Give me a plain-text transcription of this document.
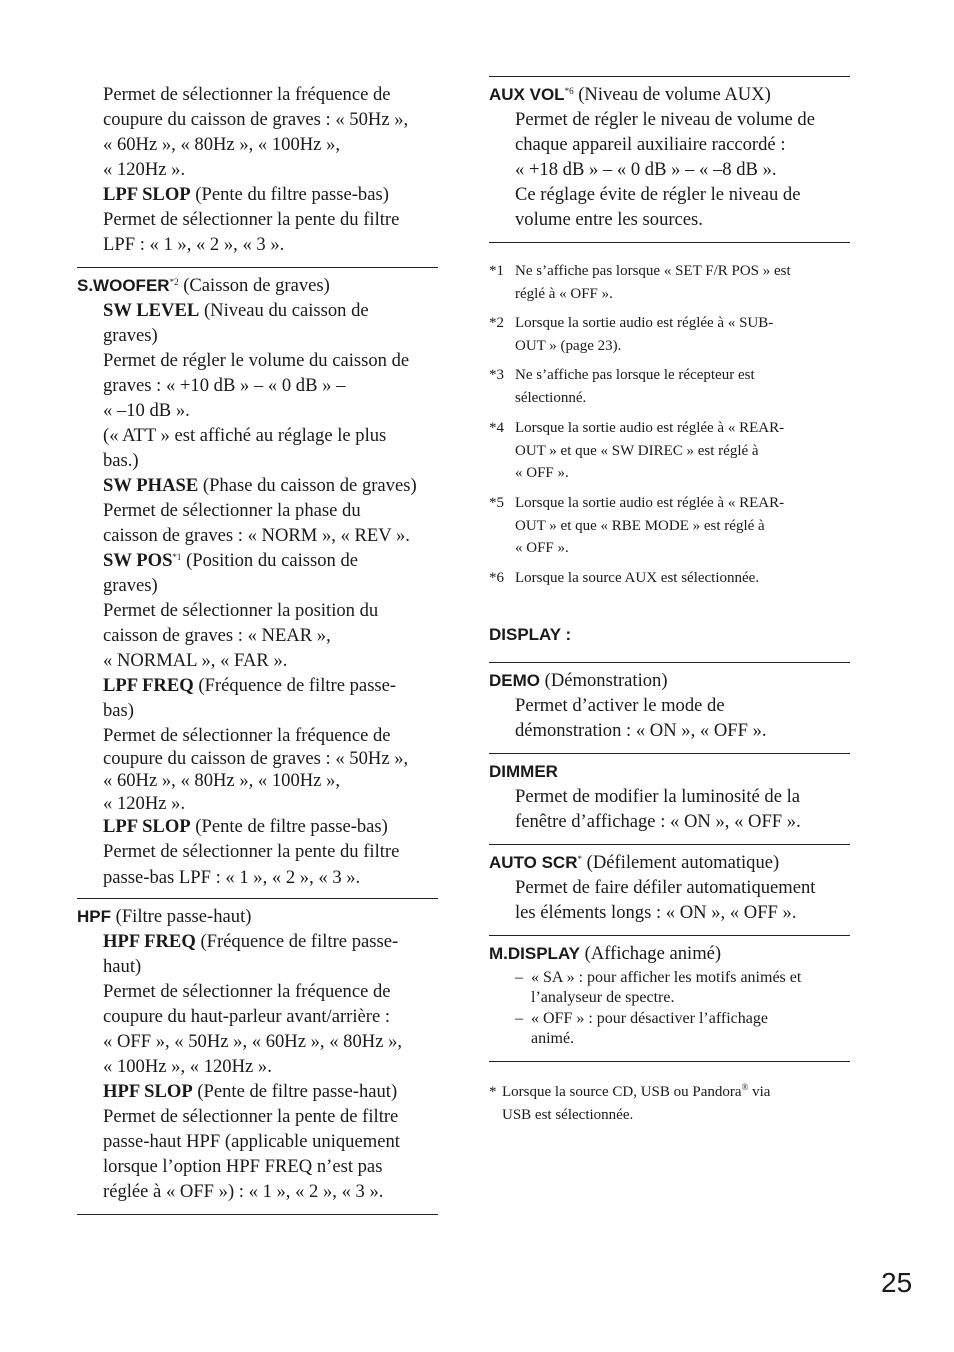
Permet de sélectionner la fréquence de
coupure du caisson de graves : « 50Hz »,
« 60Hz », « 80Hz », « 100Hz »,
« 120Hz ».
LPF SLOP (Pente du filtre passe-bas)
Permet de sélectionner la pente du filtre
LPF : « 1 », « 2 », « 3 ».
S.WOOFER$^{*2}$ (Caisson de graves)
SW LEVEL (Niveau du caisson de
graves)
Permet de régler le volume du caisson de
graves : « +10 dB » – « 0 dB » –
« –10 dB ».
(« ATT » est affiché au réglage le plus
bas.)
SW PHASE (Phase du caisson de graves)
Permet de sélectionner la phase du
caisson de graves : « NORM », « REV ».
SW POS$^{*1}$ (Position du caisson de
graves)
Permet de sélectionner la position du
caisson de graves : « NEAR »,
« NORMAL », « FAR ».
LPF FREQ (Fréquence de filtre passe-
bas)
Permet de sélectionner la fréquence de
coupure du caisson de graves : « 50Hz »,
« 60Hz », « 80Hz », « 100Hz »,
« 120Hz ».
LPF SLOP (Pente de filtre passe-bas)
Permet de sélectionner la pente du filtre
passe-bas LPF : « 1 », « 2 », « 3 ».
HPF (Filtre passe-haut)
HPF FREQ (Fréquence de filtre passe-
haut)
Permet de sélectionner la fréquence de
coupure du haut-parleur avant/arrière :
« OFF », « 50Hz », « 60Hz », « 80Hz »,
« 100Hz », « 120Hz ».
HPF SLOP (Pente de filtre passe-haut)
Permet de sélectionner la pente de filtre
passe-haut HPF (applicable uniquement
lorsque l’option HPF FREQ n’est pas
réglée à « OFF ») : « 1 », « 2 », « 3 ».
AUX VOL$^{*6}$ (Niveau de volume AUX)
Permet de régler le niveau de volume de
chaque appareil auxiliaire raccordé :
« +18 dB » – « 0 dB » – « –8 dB ».
Ce réglage évite de régler le niveau de
volume entre les sources.
*1 Ne s’affiche pas lorsque « SET F/R POS » est
réglé à « OFF ».
*2 Lorsque la sortie audio est réglée à « SUB-
OUT » (page 23).
*3 Ne s’affiche pas lorsque le récepteur est
sélectionné.
*4 Lorsque la sortie audio est réglée à « REAR-
OUT » et que « SW DIREC » est réglé à
« OFF ».
*5 Lorsque la sortie audio est réglée à « REAR-
OUT » et que « RBE MODE » est réglé à
« OFF ».
*6 Lorsque la source AUX est sélectionnée.
DISPLAY :
DEMO (Démonstration)
Permet d’activer le mode de
démonstration : « ON », « OFF ».
DIMMER
Permet de modifier la luminosité de la
fenêtre d’affichage : « ON », « OFF ».
AUTO SCR* (Défilement automatique)
Permet de faire défiler automatiquement
les éléments longs : « ON », « OFF ».
M.DISPLAY (Affichage animé)
– « SA » : pour afficher les motifs animés et
l’analyseur de spectre.
– « OFF » : pour désactiver l’affichage
animé.
* Lorsque la source CD, USB ou Pandora® via
USB est sélectionnée.
25
